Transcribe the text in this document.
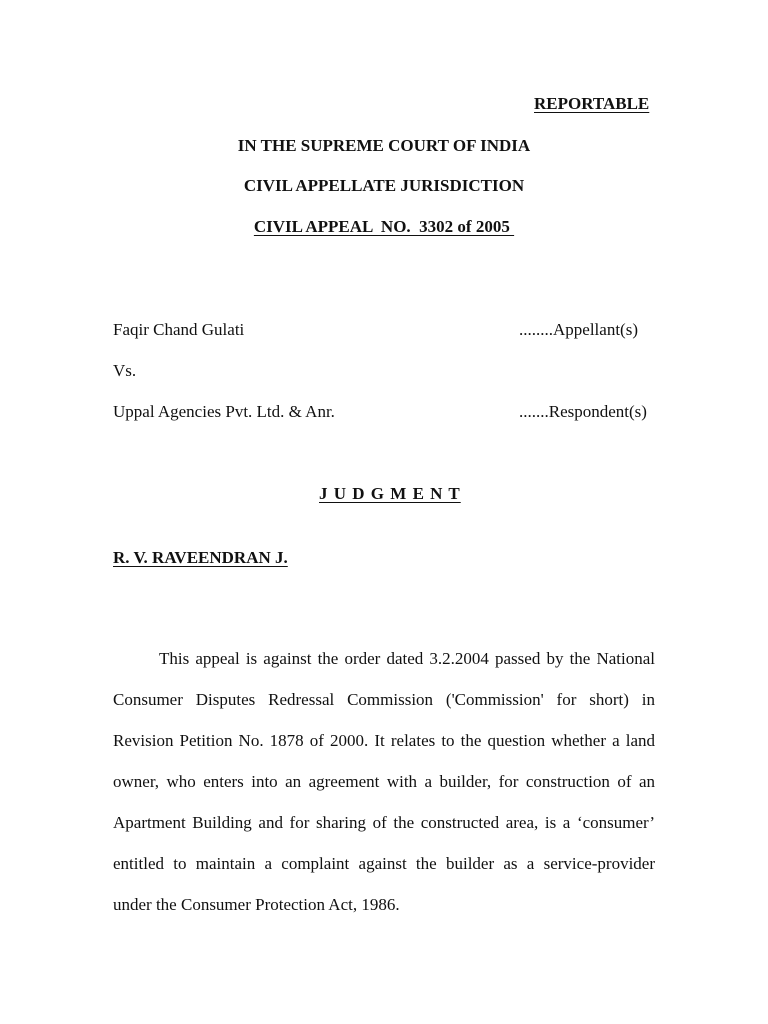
REPORTABLE
IN THE SUPREME COURT OF INDIA
CIVIL APPELLATE JURISDICTION
CIVIL APPEAL  NO.  3302 of 2005
Faqir Chand Gulati	........Appellant(s)
Vs.
Uppal Agencies Pvt. Ltd. & Anr.	.......Respondent(s)
J U D G M E N T
R. V. RAVEENDRAN J.
This appeal is against the order dated 3.2.2004 passed by the National
Consumer Disputes Redressal Commission ('Commission' for short) in
Revision Petition No. 1878 of 2000. It relates to the question whether a land
owner, who enters into an agreement with a builder, for construction of an
Apartment Building and for sharing of the constructed area, is a ‘consumer’
entitled to maintain a complaint against the builder as a service-provider
under the Consumer Protection Act, 1986.
